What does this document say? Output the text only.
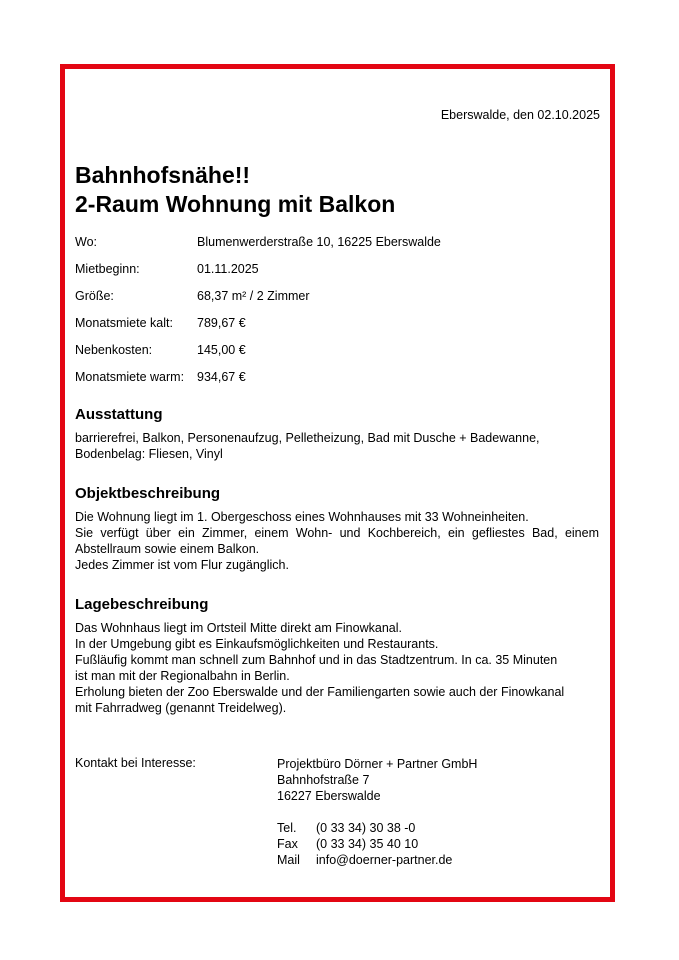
Eberswalde, den 02.10.2025
Bahnhofsnähe!!
2-Raum Wohnung mit Balkon
Wo:	Blumenwerderstraße 10, 16225 Eberswalde
Mietbeginn:	01.11.2025
Größe:	68,37 m² / 2 Zimmer
Monatsmiete kalt: 789,67 €
Nebenkosten:	145,00 €
Monatsmiete warm: 934,67 €
Ausstattung
barrierefrei, Balkon, Personenaufzug, Pelletheizung, Bad mit Dusche + Badewanne,
Bodenbelag: Fliesen, Vinyl
Objektbeschreibung
Die Wohnung liegt im 1. Obergeschoss eines Wohnhauses mit 33 Wohneinheiten.
Sie verfügt über ein Zimmer, einem Wohn- und Kochbereich, ein gefliestes Bad, einem
Abstellraum sowie einem Balkon.
Jedes Zimmer ist vom Flur zugänglich.
Lagebeschreibung
Das Wohnhaus liegt im Ortsteil Mitte direkt am Finowkanal.
In der Umgebung gibt es Einkaufsmöglichkeiten und Restaurants.
Fußläufig kommt man schnell zum Bahnhof und in das Stadtzentrum. In ca. 35 Minuten
ist man mit der Regionalbahn in Berlin.
Erholung bieten der Zoo Eberswalde und der Familiengarten sowie auch der Finowkanal
mit Fahrradweg (genannt Treidelweg).
Kontakt bei Interesse:	Projektbüro Dörner + Partner GmbH
Bahnhofstraße 7
16227 Eberswalde
Tel. (0 33 34) 30 38 -0
Fax (0 33 34) 35 40 10
Mail info@doerner-partner.de
